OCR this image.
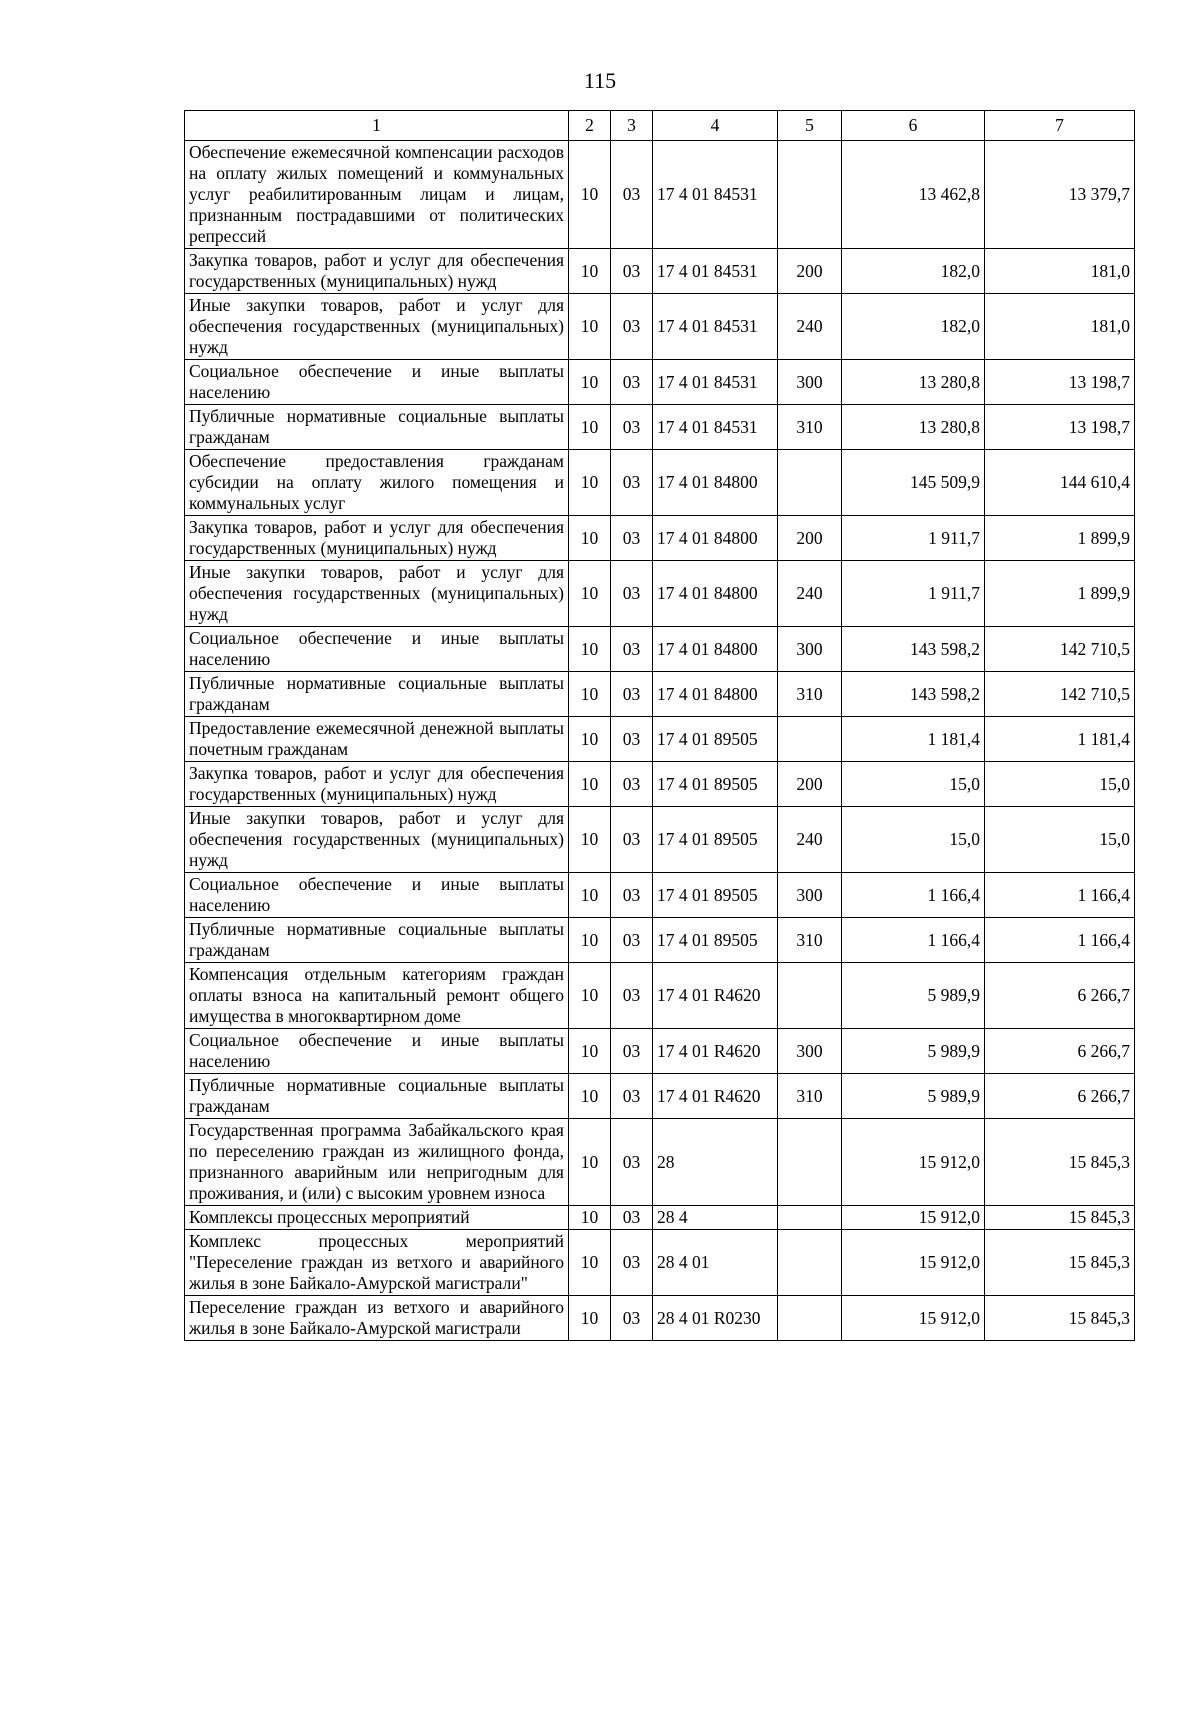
115
1	2	3	4	5	6	7
Обеспечение ежемесячной компенсации расходов на оплату жилых помещений и коммунальных услуг реабилитированным лицам и лицам, признанным пострадавшими от политических репрессий	10	03	17 4 01 84531		13 462,8	13 379,7
Закупка товаров, работ и услуг для обеспечения государственных (муниципальных) нужд	10	03	17 4 01 84531	200	182,0	181,0
Иные закупки товаров, работ и услуг для обеспечения государственных (муниципальных) нужд	10	03	17 4 01 84531	240	182,0	181,0
Социальное обеспечение и иные выплаты населению	10	03	17 4 01 84531	300	13 280,8	13 198,7
Публичные нормативные социальные выплаты гражданам	10	03	17 4 01 84531	310	13 280,8	13 198,7
Обеспечение предоставления гражданам субсидии на оплату жилого помещения и коммунальных услуг	10	03	17 4 01 84800		145 509,9	144 610,4
Закупка товаров, работ и услуг для обеспечения государственных (муниципальных) нужд	10	03	17 4 01 84800	200	1 911,7	1 899,9
Иные закупки товаров, работ и услуг для обеспечения государственных (муниципальных) нужд	10	03	17 4 01 84800	240	1 911,7	1 899,9
Социальное обеспечение и иные выплаты населению	10	03	17 4 01 84800	300	143 598,2	142 710,5
Публичные нормативные социальные выплаты гражданам	10	03	17 4 01 84800	310	143 598,2	142 710,5
Предоставление ежемесячной денежной выплаты почетным гражданам	10	03	17 4 01 89505		1 181,4	1 181,4
Закупка товаров, работ и услуг для обеспечения государственных (муниципальных) нужд	10	03	17 4 01 89505	200	15,0	15,0
Иные закупки товаров, работ и услуг для обеспечения государственных (муниципальных) нужд	10	03	17 4 01 89505	240	15,0	15,0
Социальное обеспечение и иные выплаты населению	10	03	17 4 01 89505	300	1 166,4	1 166,4
Публичные нормативные социальные выплаты гражданам	10	03	17 4 01 89505	310	1 166,4	1 166,4
Компенсация отдельным категориям граждан оплаты взноса на капитальный ремонт общего имущества в многоквартирном доме	10	03	17 4 01 R4620		5 989,9	6 266,7
Социальное обеспечение и иные выплаты населению	10	03	17 4 01 R4620	300	5 989,9	6 266,7
Публичные нормативные социальные выплаты гражданам	10	03	17 4 01 R4620	310	5 989,9	6 266,7
Государственная программа Забайкальского края по переселению граждан из жилищного фонда, признанного аварийным или непригодным для проживания, и (или) с высоким уровнем износа	10	03	28		15 912,0	15 845,3
Комплексы процессных мероприятий	10	03	28 4		15 912,0	15 845,3
Комплекс процессных мероприятий "Переселение граждан из ветхого и аварийного жилья в зоне Байкало-Амурской магистрали"	10	03	28 4 01		15 912,0	15 845,3
Переселение граждан из ветхого и аварийного жилья в зоне Байкало-Амурской магистрали	10	03	28 4 01 R0230		15 912,0	15 845,3
